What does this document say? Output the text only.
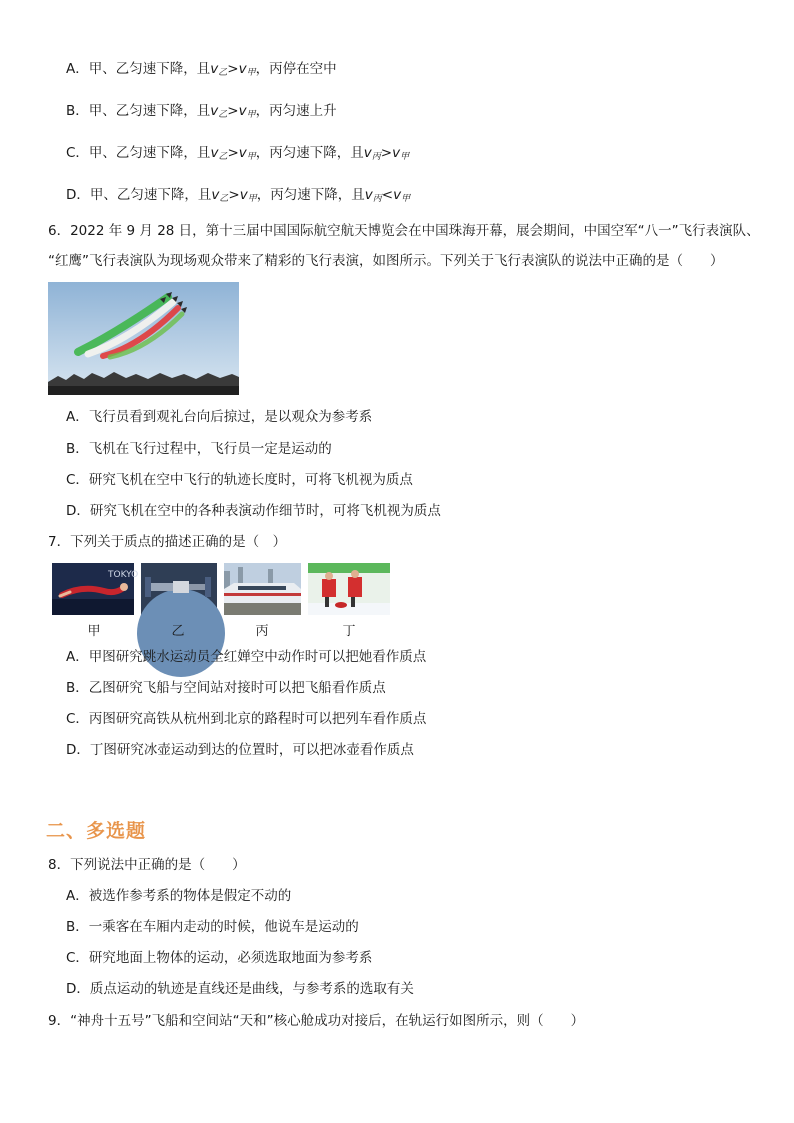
A．甲、乙匀速下降，且$v_乙>v_甲$，丙停在空中
B．甲、乙匀速下降，且$v_乙>v_甲$，丙匀速上升
C．甲、乙匀速下降，且$v_乙>v_甲$，丙匀速下降，且$v_丙>v_甲$
D．甲、乙匀速下降，且$v_乙>v_甲$，丙匀速下降，且$v_丙<v_甲$
6．2022 年 9 月 28 日，第十三届中国国际航空航天博览会在中国珠海开幕，展会期间，中国空军“八一”飞行表演队、
“红鹰”飞行表演队为现场观众带来了精彩的飞行表演，如图所示。下列关于飞行表演队的说法中正确的是（　　）
A．飞行员看到观礼台向后掠过，是以观众为参考系
B．飞机在飞行过程中，飞行员一定是运动的
C．研究飞机在空中飞行的轨迹长度时，可将飞机视为质点
D．研究飞机在空中的各种表演动作细节时，可将飞机视为质点
7．下列关于质点的描述正确的是（　）
TOKYO
甲	乙	丙	丁
A．甲图研究跳水运动员全红婵空中动作时可以把她看作质点
B．乙图研究飞船与空间站对接时可以把飞船看作质点
C．丙图研究高铁从杭州到北京的路程时可以把列车看作质点
D．丁图研究冰壶运动到达的位置时，可以把冰壶看作质点
二、多选题
8．下列说法中正确的是（　　）
A．被选作参考系的物体是假定不动的
B．一乘客在车厢内走动的时候，他说车是运动的
C．研究地面上物体的运动，必须选取地面为参考系
D．质点运动的轨迹是直线还是曲线，与参考系的选取有关
9．“神舟十五号”飞船和空间站“天和”核心舱成功对接后，在轨运行如图所示，则（　　）
